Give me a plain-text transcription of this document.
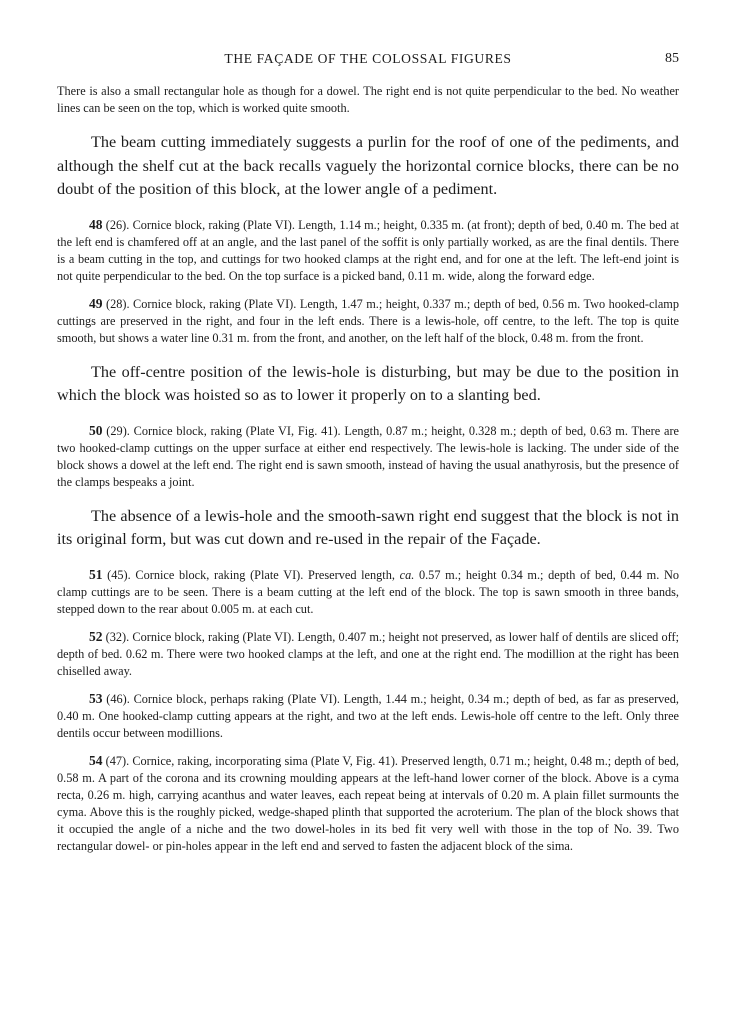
THE FAÇADE OF THE COLOSSAL FIGURES	85

There is also a small rectangular hole as though for a dowel. The right end is not quite perpendicular to the bed. No weather lines can be seen on the top, which is worked quite smooth.

The beam cutting immediately suggests a purlin for the roof of one of the pediments, and although the shelf cut at the back recalls vaguely the horizontal cornice blocks, there can be no doubt of the position of this block, at the lower angle of a pediment.

48 (26). Cornice block, raking (Plate VI). Length, 1.14 m.; height, 0.335 m. (at front); depth of bed, 0.40 m. The bed at the left end is chamfered off at an angle, and the last panel of the soffit is only partially worked, as are the final dentils. There is a beam cutting in the top, and cuttings for two hooked clamps at the right end, and for one at the left. The left-end joint is not quite perpendicular to the bed. On the top surface is a picked band, 0.11 m. wide, along the forward edge.

49 (28). Cornice block, raking (Plate VI). Length, 1.47 m.; height, 0.337 m.; depth of bed, 0.56 m. Two hooked-clamp cuttings are preserved in the right, and four in the left ends. There is a lewis-hole, off centre, to the left. The top is quite smooth, but shows a water line 0.31 m. from the front, and another, on the left half of the block, 0.48 m. from the front.

The off-centre position of the lewis-hole is disturbing, but may be due to the position in which the block was hoisted so as to lower it properly on to a slanting bed.

50 (29). Cornice block, raking (Plate VI, Fig. 41). Length, 0.87 m.; height, 0.328 m.; depth of bed, 0.63 m. There are two hooked-clamp cuttings on the upper surface at either end respectively. The lewis-hole is lacking. The under side of the block shows a dowel at the left end. The right end is sawn smooth, instead of having the usual anathyrosis, but the presence of the clamps bespeaks a joint.

The absence of a lewis-hole and the smooth-sawn right end suggest that the block is not in its original form, but was cut down and re-used in the repair of the Façade.

51 (45). Cornice block, raking (Plate VI). Preserved length, ca. 0.57 m.; height 0.34 m.; depth of bed, 0.44 m. No clamp cuttings are to be seen. There is a beam cutting at the left end of the block. The top is sawn smooth in three bands, stepped down to the rear about 0.005 m. at each cut.

52 (32). Cornice block, raking (Plate VI). Length, 0.407 m.; height not preserved, as lower half of dentils are sliced off; depth of bed. 0.62 m. There were two hooked clamps at the left, and one at the right end. The modillion at the right has been chiselled away.

53 (46). Cornice block, perhaps raking (Plate VI). Length, 1.44 m.; height, 0.34 m.; depth of bed, as far as preserved, 0.40 m. One hooked-clamp cutting appears at the right, and two at the left ends. Lewis-hole off centre to the left. Only three dentils occur between modillions.

54 (47). Cornice, raking, incorporating sima (Plate V, Fig. 41). Preserved length, 0.71 m.; height, 0.48 m.; depth of bed, 0.58 m. A part of the corona and its crowning moulding appears at the left-hand lower corner of the block. Above is a cyma recta, 0.26 m. high, carrying acanthus and water leaves, each repeat being at intervals of 0.20 m. A plain fillet surmounts the cyma. Above this is the roughly picked, wedge-shaped plinth that supported the acroterium. The plan of the block shows that it occupied the angle of a niche and the two dowel-holes in its bed fit very well with those in the top of No. 39. Two rectangular dowel- or pin-holes appear in the left end and served to fasten the adjacent block of the sima.
